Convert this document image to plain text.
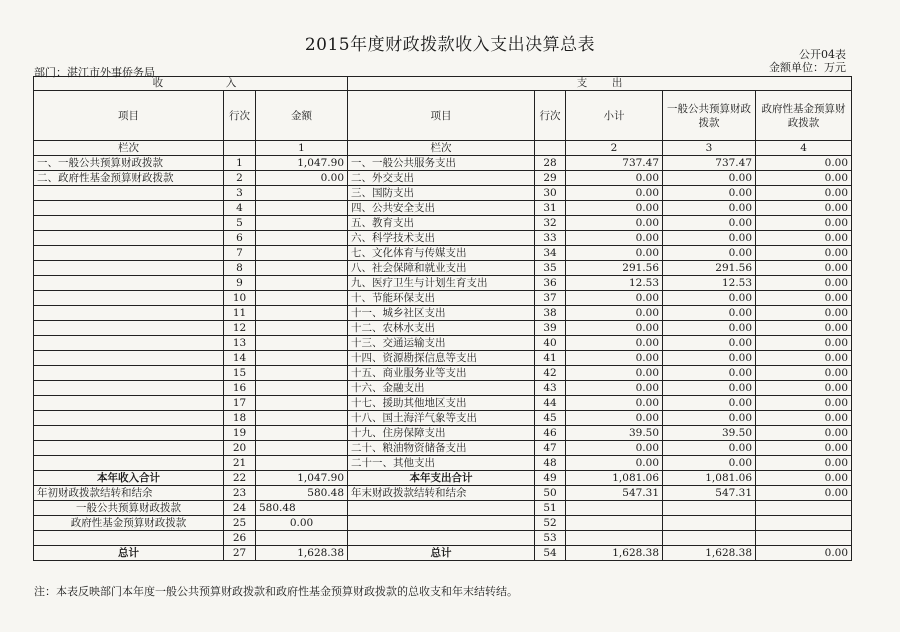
2015年度财政拨款收入支出决算总表	公开04表
金额单位：万元
部门：湛江市外事侨务局
收 入			支 出				
项目	行次	金额	项目	行次	小计	一般公共预算财政拨款	政府性基金预算财政拨款
栏次		1	栏次		2	3	4
一、一般公共预算财政拨款	1	1,047.90	一、一般公共服务支出	28	737.47	737.47	0.00
二、政府性基金预算财政拨款	2	0.00	二、外交支出	29	0.00	0.00	0.00
	3		三、国防支出	30	0.00	0.00	0.00
	4		四、公共安全支出	31	0.00	0.00	0.00
	5		五、教育支出	32	0.00	0.00	0.00
	6		六、科学技术支出	33	0.00	0.00	0.00
	7		七、文化体育与传媒支出	34	0.00	0.00	0.00
	8		八、社会保障和就业支出	35	291.56	291.56	0.00
	9		九、医疗卫生与计划生育支出	36	12.53	12.53	0.00
	10		十、节能环保支出	37	0.00	0.00	0.00
	11		十一、城乡社区支出	38	0.00	0.00	0.00
	12		十二、农林水支出	39	0.00	0.00	0.00
	13		十三、交通运输支出	40	0.00	0.00	0.00
	14		十四、资源勘探信息等支出	41	0.00	0.00	0.00
	15		十五、商业服务业等支出	42	0.00	0.00	0.00
	16		十六、金融支出	43	0.00	0.00	0.00
	17		十七、援助其他地区支出	44	0.00	0.00	0.00
	18		十八、国土海洋气象等支出	45	0.00	0.00	0.00
	19		十九、住房保障支出	46	39.50	39.50	0.00
	20		二十、粮油物资储备支出	47	0.00	0.00	0.00
	21		二十一、其他支出	48	0.00	0.00	0.00
本年收入合计	22	1,047.90	本年支出合计	49	1,081.06	1,081.06	0.00
年初财政拨款结转和结余	23	580.48	年末财政拨款结转和结余	50	547.31	547.31	0.00
一般公共预算财政拨款	24	580.48		51			
政府性基金预算财政拨款	25	0.00		52			
	26			53			
总计	27	1,628.38	总计	54	1,628.38	1,628.38	0.00
注：本表反映部门本年度一般公共预算财政拨款和政府性基金预算财政拨款的总收支和年末结转结。
